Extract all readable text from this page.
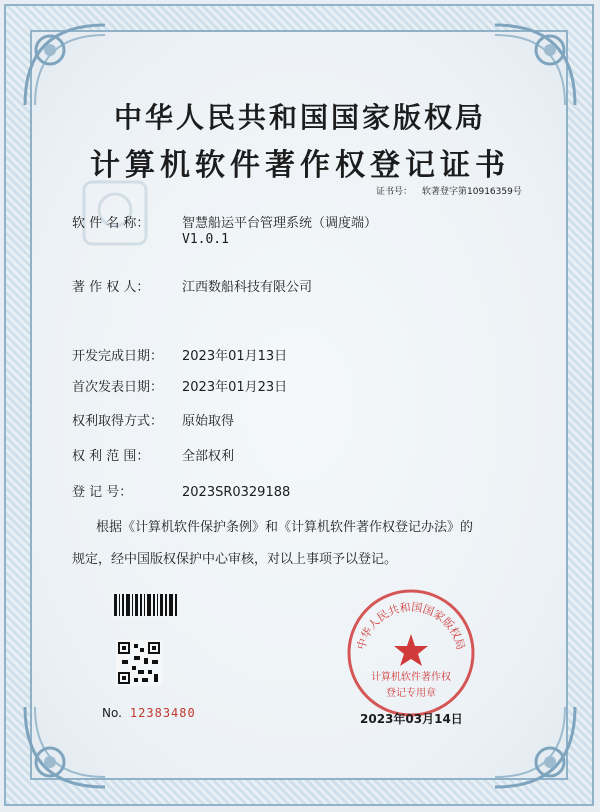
中华人民共和国国家版权局
计算机软件著作权登记证书
证书号： 软著登字第10916359号
软 件 名 称：	智慧船运平台管理系统（调度端）
V1.0.1
著 作 权 人：	江西数船科技有限公司
开发完成日期： 2023年01月13日
首次发表日期： 2023年01月23日
权利取得方式： 原始取得
权 利 范 围：	全部权利
登 记 号：	2023SR0329188
根据《计算机软件保护条例》和《计算机软件著作权登记办法》的
规定，经中国版权保护中心审核，对以上事项予以登记。
No. 12383480
中华人民共和国国家版权局
计算机软件著作权
登记专用章
2023年03月14日
